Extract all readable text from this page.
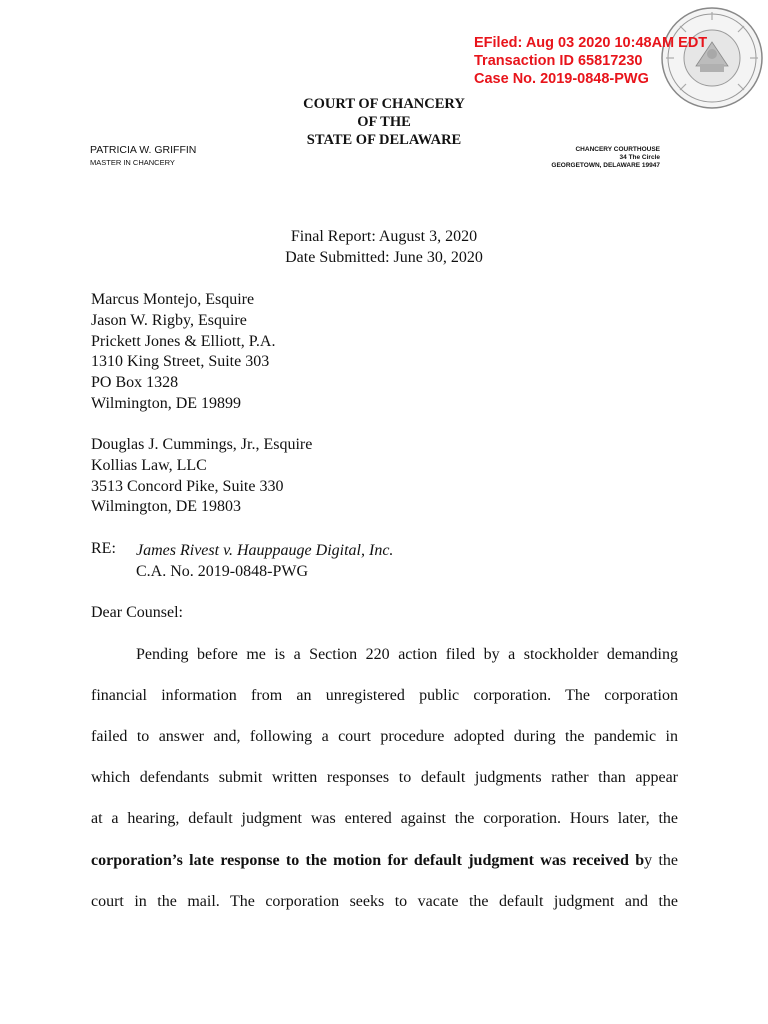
EFiled: Aug 03 2020 10:48AM EDT
Transaction ID 65817230
Case No. 2019-0848-PWG
COURT OF CHANCERY
OF THE
STATE OF DELAWARE
PATRICIA W. GRIFFIN
MASTER IN CHANCERY
CHANCERY COURTHOUSE
34 The Circle
GEORGETOWN, DELAWARE 19947
Final Report: August 3, 2020
Date Submitted: June 30, 2020
Marcus Montejo, Esquire
Jason W. Rigby, Esquire
Prickett Jones & Elliott, P.A.
1310 King Street, Suite 303
PO Box 1328
Wilmington, DE 19899
Douglas J. Cummings, Jr., Esquire
Kollias Law, LLC
3513 Concord Pike, Suite 330
Wilmington, DE 19803
RE: James Rivest v. Hauppauge Digital, Inc.
C.A. No. 2019-0848-PWG
Dear Counsel:
Pending before me is a Section 220 action filed by a stockholder demanding
financial information from an unregistered public corporation. The corporation
failed to answer and, following a court procedure adopted during the pandemic in
which defendants submit written responses to default judgments rather than appear
at a hearing, default judgment was entered against the corporation. Hours later, the
corporation’s late response to the motion for default judgment was received by the
court in the mail. The corporation seeks to vacate the default judgment and the
